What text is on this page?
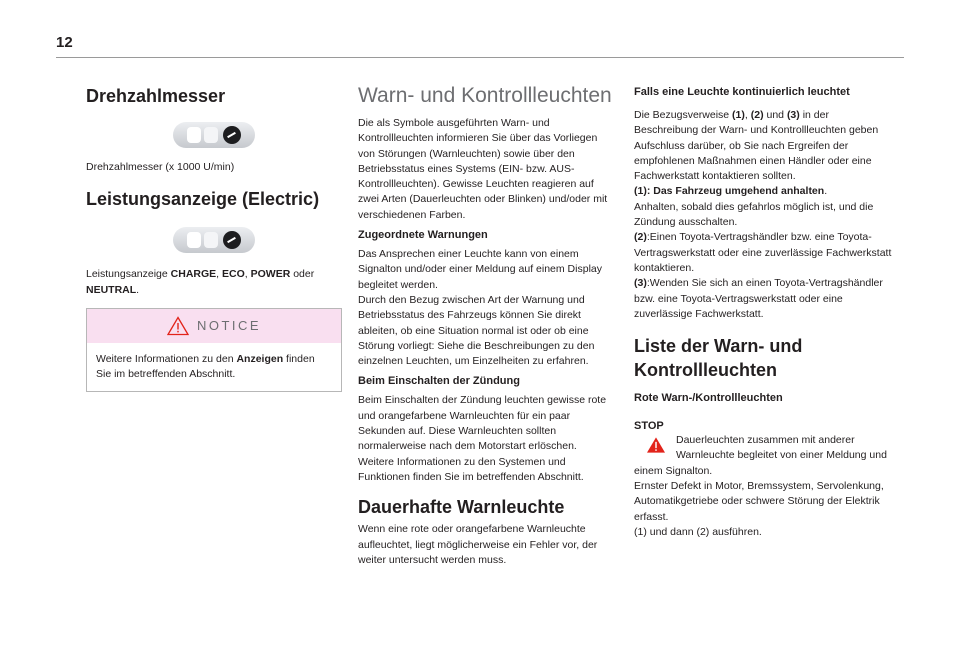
12
Drehzahlmesser

Drehzahlmesser (x 1000 U/min)

Leistungsanzeige (Electric)

Leistungsanzeige CHARGE, ECO, POWER oder
NEUTRAL.

NOTICE

Weitere Informationen zu den Anzeigen finden Sie im betreffenden Abschnitt.

Warn- und Kontrollleuchten

Die als Symbole ausgeführten Warn- und Kontrollleuchten informieren Sie über das Vorliegen von Störungen (Warnleuchten) sowie über den Betriebsstatus eines Systems (EIN- bzw. AUS-Kontrollleuchten). Gewisse Leuchten reagieren auf zwei Arten (Dauerleuchten oder Blinken) und/oder mit verschiedenen Farben.

Zugeordnete Warnungen

Das Ansprechen einer Leuchte kann von einem Signalton und/oder einer Meldung auf einem Display begleitet werden.

Durch den Bezug zwischen Art der Warnung und Betriebsstatus des Fahrzeugs können Sie direkt ableiten, ob eine Situation normal ist oder ob eine Störung vorliegt: Siehe die Beschreibungen zu den einzelnen Leuchten, um Einzelheiten zu erfahren.

Beim Einschalten der Zündung

Beim Einschalten der Zündung leuchten gewisse rote und orangefarbene Warnleuchten für ein paar Sekunden auf. Diese Warnleuchten sollten normalerweise nach dem Motorstart erlöschen.

Weitere Informationen zu den Systemen und Funktionen finden Sie im betreffenden Abschnitt.

Dauerhafte Warnleuchte

Wenn eine rote oder orangefarbene Warnleuchte aufleuchtet, liegt möglicherweise ein Fehler vor, der weiter untersucht werden muss.

Falls eine Leuchte kontinuierlich leuchtet

Die Bezugsverweise (1), (2) und (3) in der Beschreibung der Warn- und Kontrollleuchten geben Aufschluss darüber, ob Sie nach Ergreifen der empfohlenen Maßnahmen einen Händler oder eine Fachwerkstatt kontaktieren sollten.

(1): Das Fahrzeug umgehend anhalten.
Anhalten, sobald dies gefahrlos möglich ist, und die Zündung ausschalten.

(2):Einen Toyota-Vertragshändler bzw. eine Toyota-Vertragswerkstatt oder eine zuverlässige Fachwerkstatt kontaktieren.

(3):Wenden Sie sich an einen Toyota-Vertragshändler bzw. eine Toyota-Vertragswerkstatt oder eine zuverlässige Fachwerkstatt.

Liste der Warn- und Kontrollleuchten
Rote Warn-/Kontrollleuchten
STOP

Dauerleuchten zusammen mit anderer Warnleuchte begleitet von einer Meldung und einem Signalton.

Ernster Defekt in Motor, Bremssystem, Servolenkung, Automatikgetriebe oder schwere Störung der Elektrik erfasst.

(1) und dann (2) ausführen.
